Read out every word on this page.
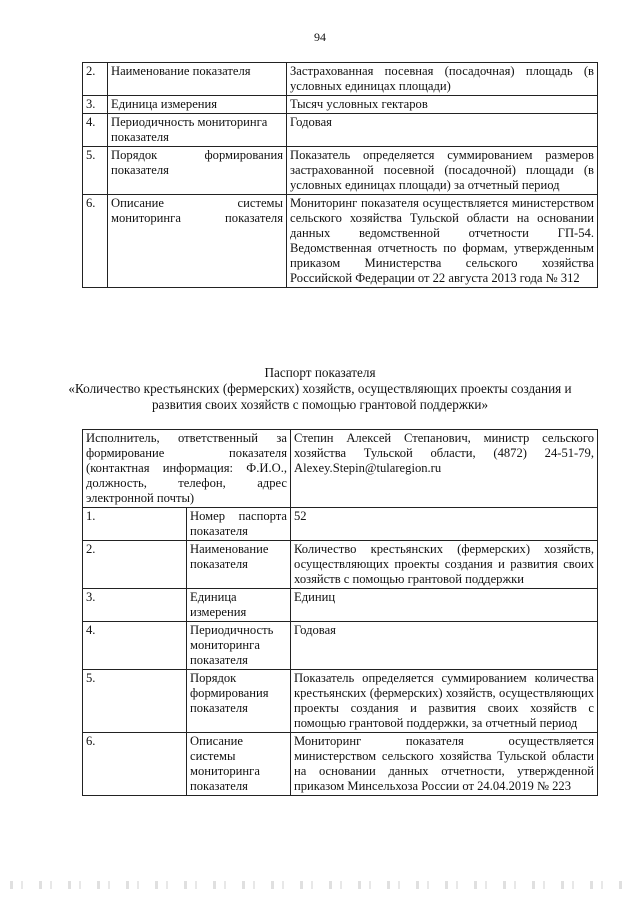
94
2.	Наименование показателя	Застрахованная посевная (посадочная) площадь (в условных единицах площади)
3.	Единица измерения	Тысяч условных гектаров
4.	Периодичность мониторинга показателя	Годовая
5.	Порядок формирования показателя	Показатель определяется суммированием размеров застрахованной посевной (посадочной) площади (в условных единицах площади) за отчетный период
6.	Описание системы мониторинга показателя	Мониторинг показателя осуществляется министерством сельского хозяйства Тульской области на основании данных ведомственной отчетности ГП-54. Ведомственная отчетность по формам, утвержденным приказом Министерства сельского хозяйства Российской Федерации от 22 августа 2013 года № 312
Паспорт показателя
«Количество крестьянских (фермерских) хозяйств, осуществляющих проекты создания и развития своих хозяйств с помощью грантовой поддержки»
Исполнитель, ответственный за формирование показателя (контактная информация: Ф.И.О., должность, телефон, адрес электронной почты)		Степин Алексей Степанович, министр сельского хозяйства Тульской области, (4872) 24-51-79, Alexey.Stepin@tularegion.ru
1.	Номер паспорта показателя	52
2.	Наименование показателя	Количество крестьянских (фермерских) хозяйств, осуществляющих проекты создания и развития своих хозяйств с помощью грантовой поддержки
3.	Единица измерения	Единиц
4.	Периодичность мониторинга показателя	Годовая
5.	Порядок формирования показателя	Показатель определяется суммированием количества крестьянских (фермерских) хозяйств, осуществляющих проекты создания и развития своих хозяйств с помощью грантовой поддержки, за отчетный период
6.	Описание системы мониторинга показателя	Мониторинг показателя осуществляется министерством сельского хозяйства Тульской области на основании данных отчетности, утвержденной приказом Минсельхоза России от 24.04.2019 № 223
